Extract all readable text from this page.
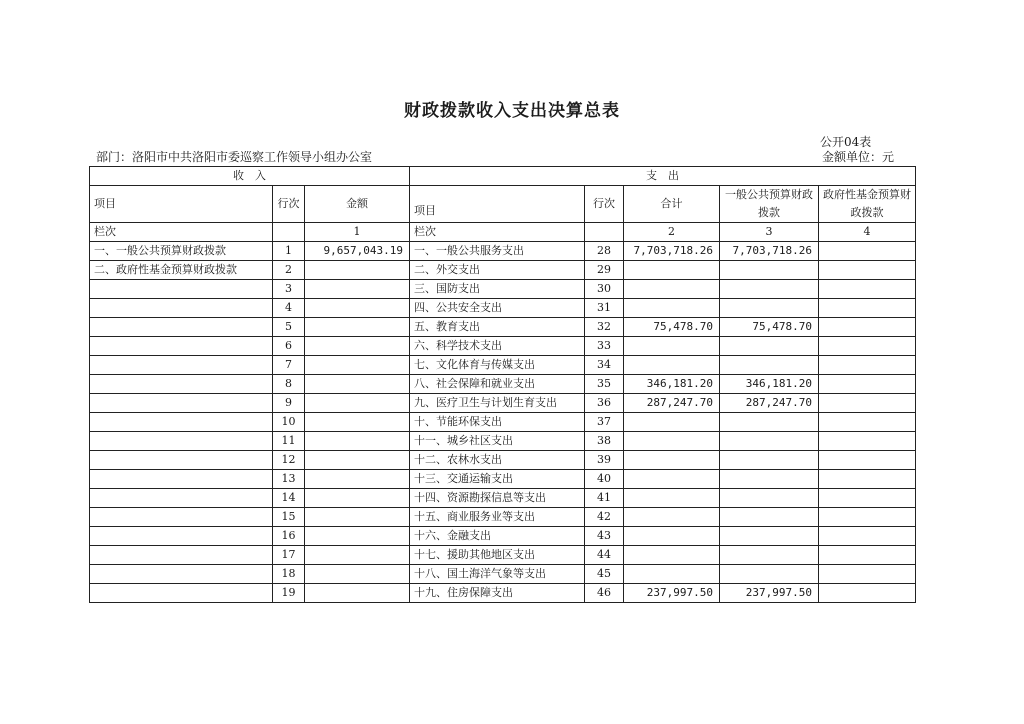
财政拨款收入支出决算总表
公开04表
部门：洛阳市中共洛阳市委巡察工作领导小组办公室	金额单位：元
收　入			支　出				
项目	行次	金额	项目	行次	合计	一般公共预算财政拨款	政府性基金预算财政拨款
栏次		1	栏次		2	3	4
一、一般公共预算财政拨款	1	9,657,043.19	一、一般公共服务支出	28	7,703,718.26	7,703,718.26	
二、政府性基金预算财政拨款	2		二、外交支出	29			
	3		三、国防支出	30			
	4		四、公共安全支出	31			
	5		五、教育支出	32	75,478.70	75,478.70	
	6		六、科学技术支出	33			
	7		七、文化体育与传媒支出	34			
	8		八、社会保障和就业支出	35	346,181.20	346,181.20	
	9		九、医疗卫生与计划生育支出	36	287,247.70	287,247.70	
	10		十、节能环保支出	37			
	11		十一、城乡社区支出	38			
	12		十二、农林水支出	39			
	13		十三、交通运输支出	40			
	14		十四、资源勘探信息等支出	41			
	15		十五、商业服务业等支出	42			
	16		十六、金融支出	43			
	17		十七、援助其他地区支出	44			
	18		十八、国土海洋气象等支出	45			
	19		十九、住房保障支出	46	237,997.50	237,997.50	
